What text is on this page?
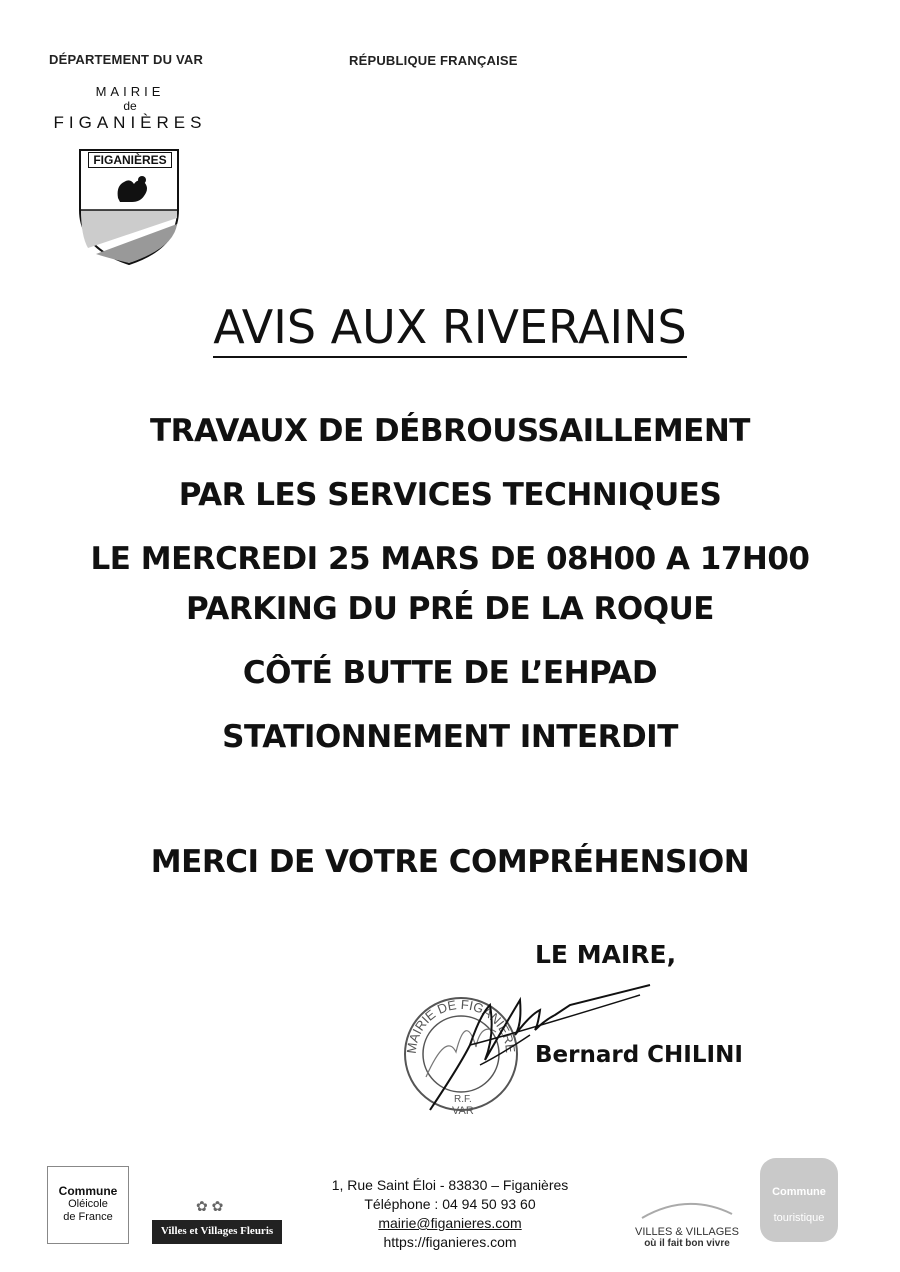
DÉPARTEMENT DU VAR	RÉPUBLIQUE FRANÇAISE
MAIRIE
de
FIGANIÈRES
FIGANIÈRES
AVIS AUX RIVERAINS
TRAVAUX DE DÉBROUSSAILLEMENT
PAR LES SERVICES TECHNIQUES
LE MERCREDI 25 MARS DE 08H00 A 17H00
PARKING DU PRÉ DE LA ROQUE
CÔTÉ BUTTE DE L’EHPAD
STATIONNEMENT INTERDIT
MERCI DE VOTRE COMPRÉHENSION
LE MAIRE,
MAIRIE DE FIGANIÈRE
R.F.
VAR
Bernard CHILINI
Commune
Oléicole
de France
✿ ✿
Villes et Villages Fleuris
1, Rue Saint Éloi - 83830 – Figanières
Téléphone : 04 94 50 93 60
mairie@figanieres.com
https://figanieres.com
VILLES & VILLAGES
où il fait bon vivre
Commune
touristique
